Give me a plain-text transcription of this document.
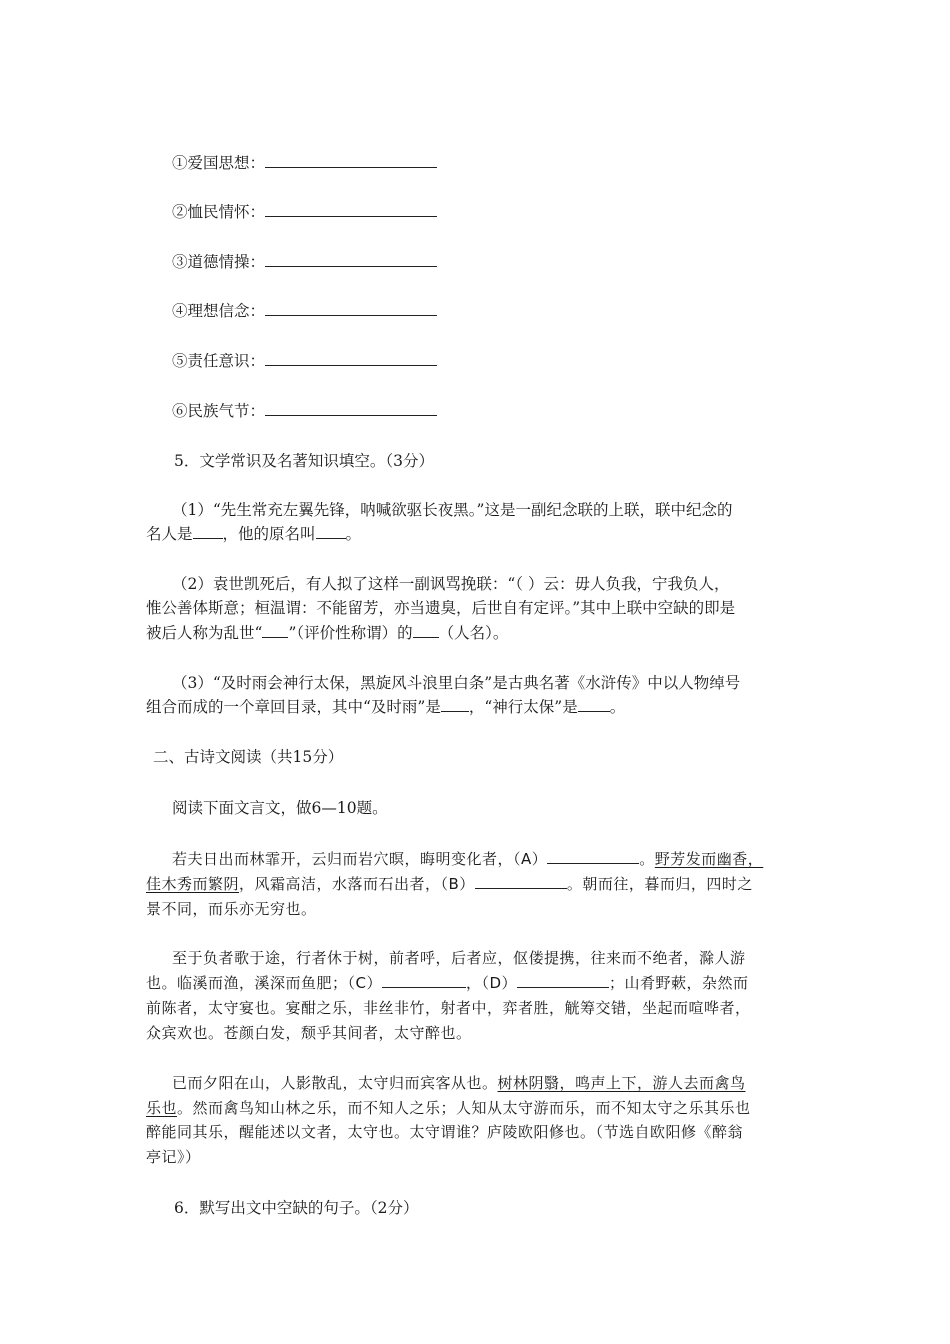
①爱国思想：
②恤民情怀：
③道德情操：
④理想信念：
⑤责任意识：
⑥民族气节：
5．文学常识及名著知识填空。（3分）
（1）“先生常充左翼先锋，呐喊欲驱长夜黑。”这是一副纪念联的上联，联中纪念的
名人是 ，他的原名叫 。
（2）袁世凯死后，有人拟了这样一副讽骂挽联：“（ ）云：毋人负我，宁我负人，
惟公善体斯意；桓温谓：不能留芳，亦当遗臭，后世自有定评。”其中上联中空缺的即是
被后人称为乱世“ ”（评价性称谓）的 （人名）。
（3）“及时雨会神行太保，黑旋风斗浪里白条”是古典名著《水浒传》中以人物绰号
组合而成的一个章回目录，其中“及时雨”是 ，“神行太保”是 。
二、古诗文阅读（共15分）
阅读下面文言文，做6—10题。
若夫日出而林霏开，云归而岩穴暝，晦明变化者，（A）	。野芳发而幽香，
佳木秀而繁阴，风霜高洁，水落而石出者，（B）	。朝而往，暮而归，四时之
景不同，而乐亦无穷也。
至于负者歌于途，行者休于树，前者呼，后者应，伛偻提携，往来而不绝者，滁人游
也。临溪而渔，溪深而鱼肥；（C）	，（D）	；山肴野蔌，杂然而
前陈者，太守宴也。宴酣之乐，非丝非竹，射者中，弈者胜，觥筹交错，坐起而喧哗者，
众宾欢也。苍颜白发，颓乎其间者，太守醉也。
已而夕阳在山，人影散乱，太守归而宾客从也。树林阴翳，鸣声上下，游人去而禽鸟
乐也。然而禽鸟知山林之乐，而不知人之乐；人知从太守游而乐，而不知太守之乐其乐也
醉能同其乐，醒能述以文者，太守也。太守谓谁？庐陵欧阳修也。（节选自欧阳修《醉翁
亭记》）
6．默写出文中空缺的句子。（2分）
